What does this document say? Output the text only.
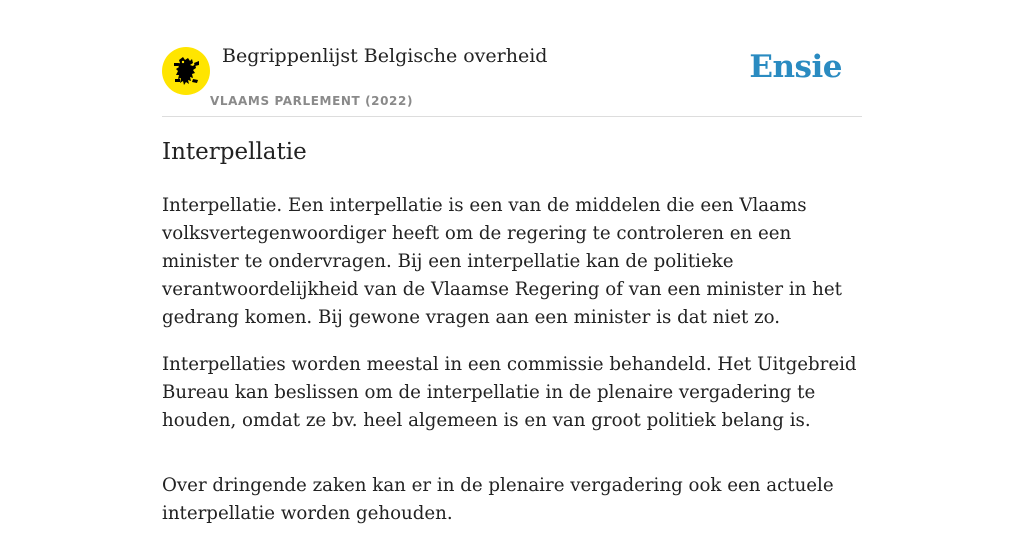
Begrippenlijst Belgische overheid
VLAAMS PARLEMENT (2022)
Ensie
Interpellatie

Interpellatie. Een interpellatie is een van de middelen die een Vlaams volksvertegenwoordiger heeft om de regering te controleren en een minister te ondervragen. Bij een interpellatie kan de politieke verantwoordelijkheid van de Vlaamse Regering of van een minister in het gedrang komen. Bij gewone vragen aan een minister is dat niet zo.

Interpellaties worden meestal in een commissie behandeld. Het Uitgebreid Bureau kan beslissen om de interpellatie in de plenaire vergadering te houden, omdat ze bv. heel algemeen is en van groot politiek belang is.

Over dringende zaken kan er in de plenaire vergadering ook een actuele interpellatie worden gehouden.
